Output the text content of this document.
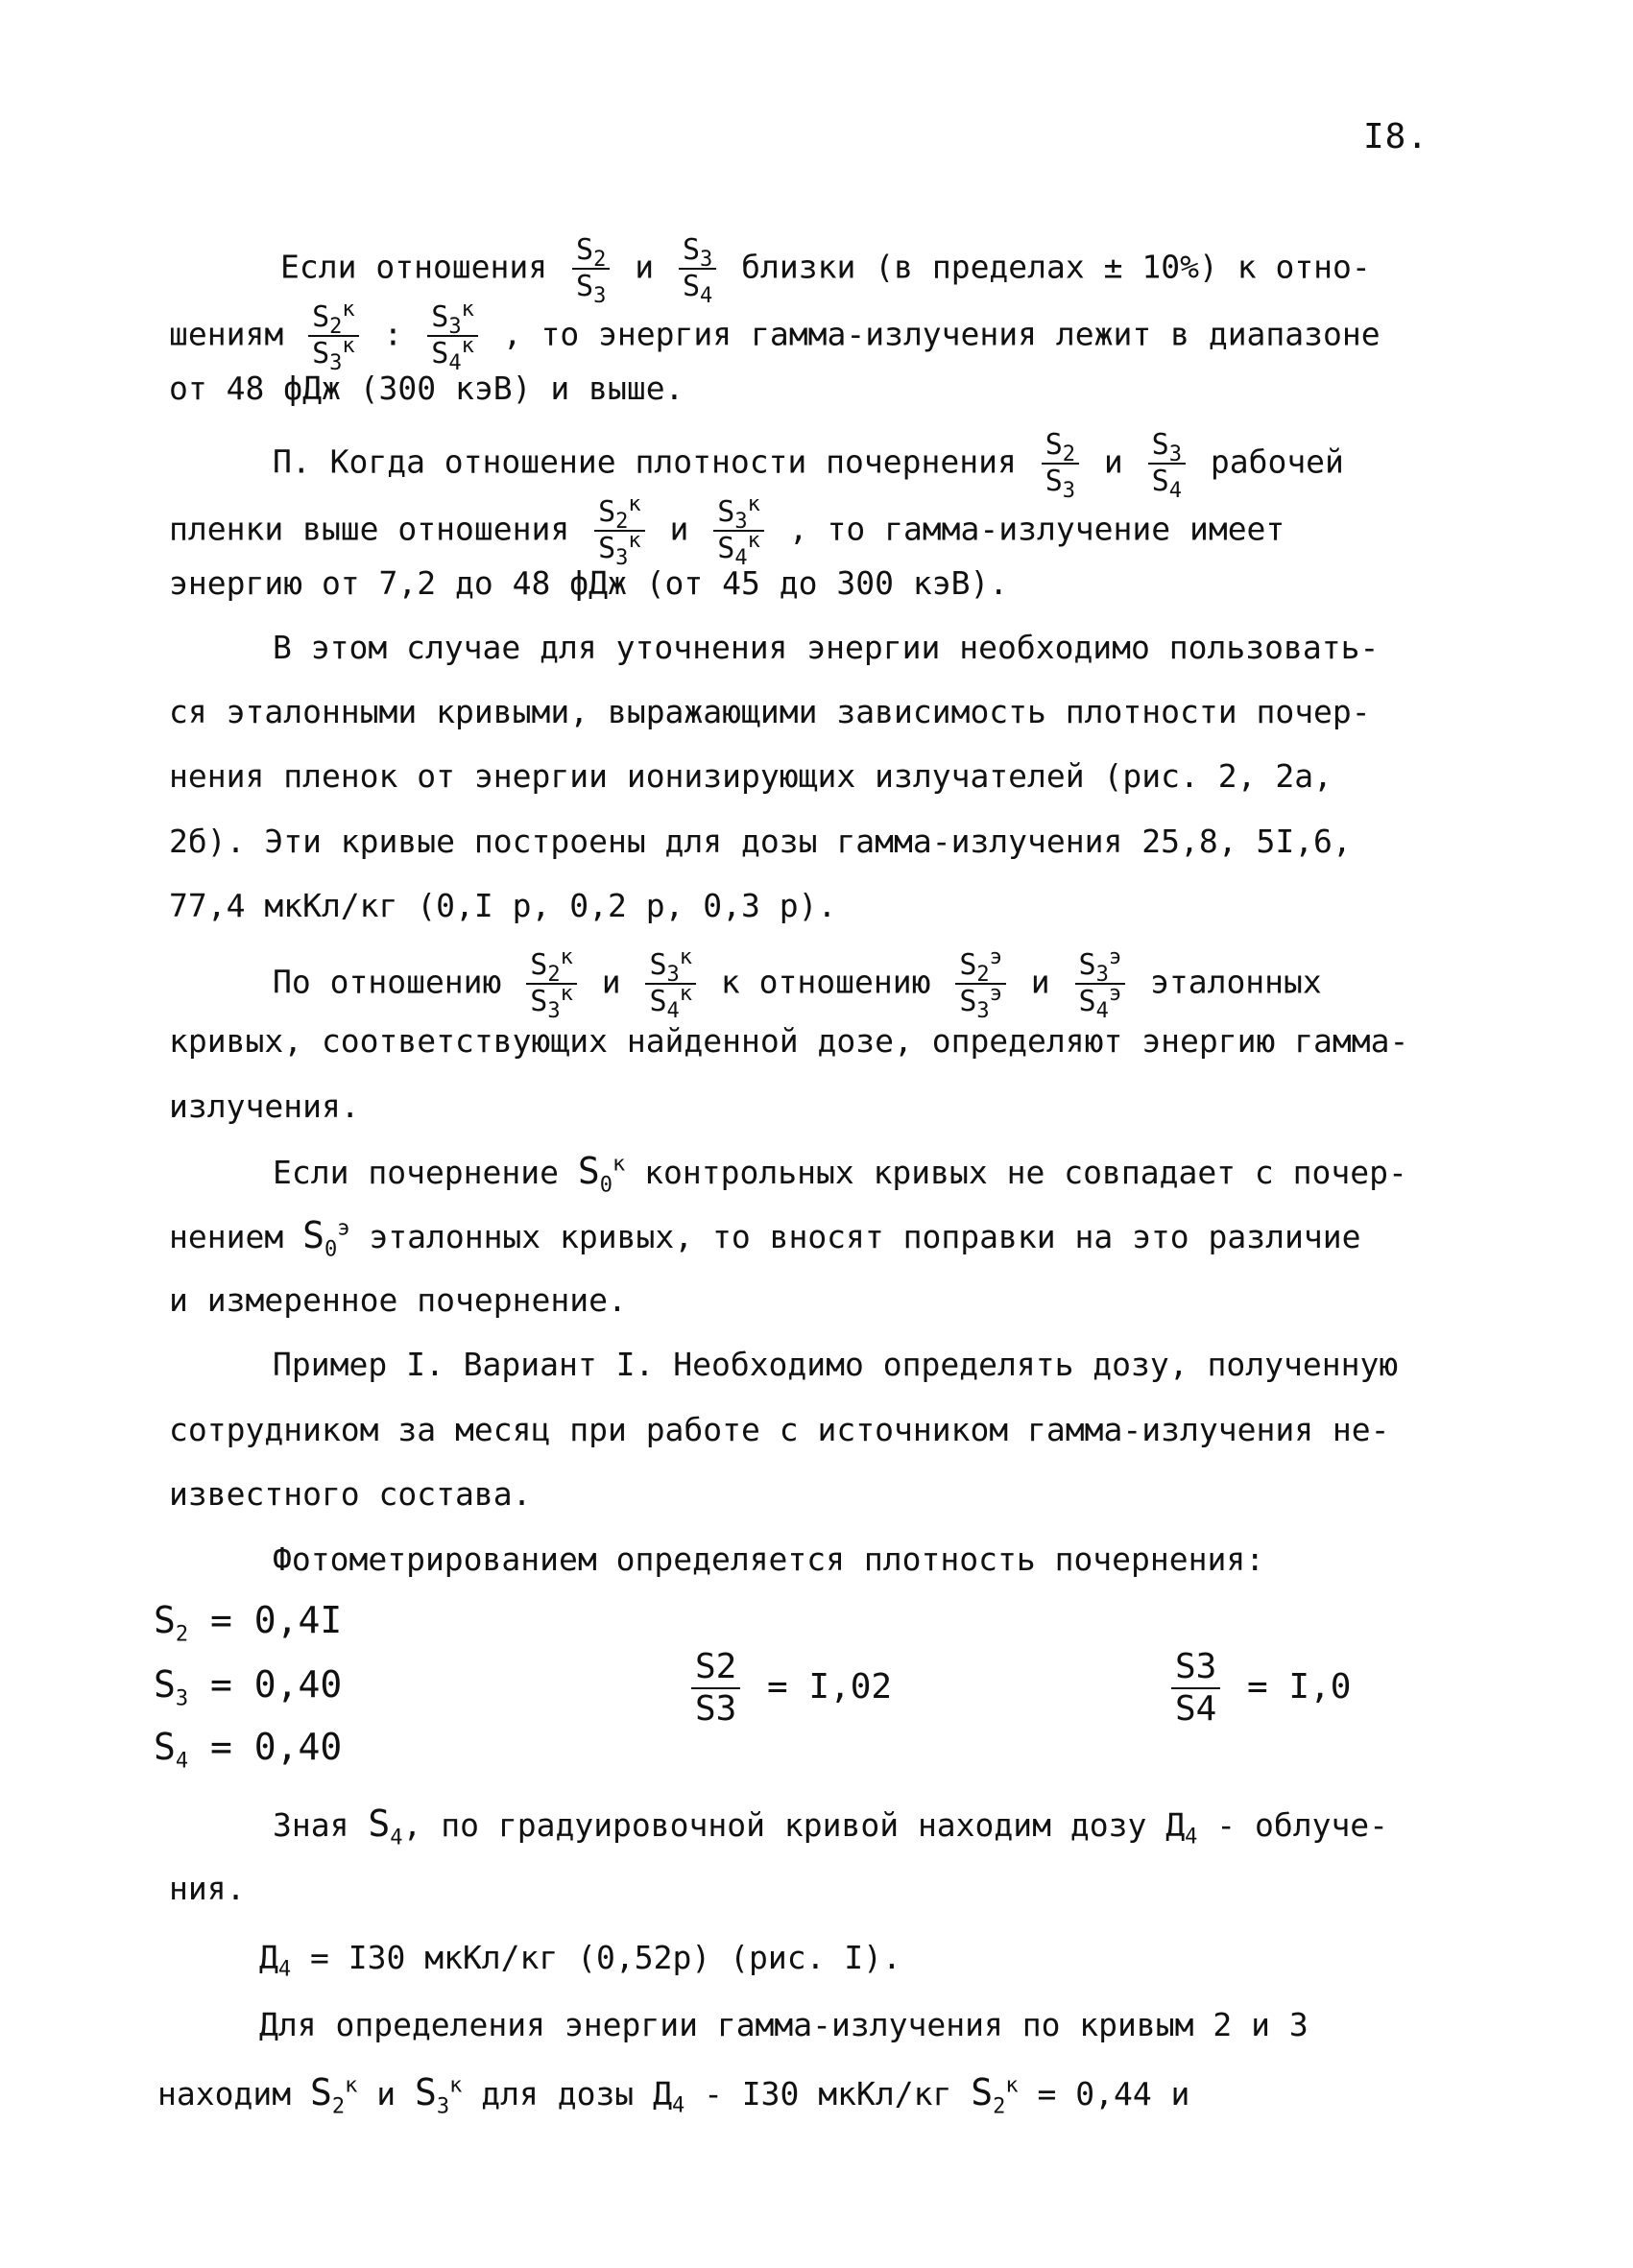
I8.
Если отношения $\frac{S_2}{S_3}$ и $\frac{S_3}{S_4}$ близки (в пределах ± 10%) к отно-
шениям $\frac{S_2^к}{S_3^к}$ : $\frac{S_3^к}{S_4^к}$ , то энергия гамма-излучения лежит в диапазоне
от 48 фДж (300 кэВ) и выше.
П. Когда отношение плотности почернения $\frac{S_2}{S_3}$ и $\frac{S_3}{S_4}$ рабочей
пленки выше отношения $\frac{S_2^к}{S_3^к}$ и $\frac{S_3^к}{S_4^к}$ , то гамма-излучение имеет
энергию от 7,2 до 48 фДж (от 45 до 300 кэВ).
В этом случае для уточнения энергии необходимо пользовать-
ся эталонными кривыми, выражающими зависимость плотности почер-
нения пленок от энергии ионизирующих излучателей (рис. 2, 2а,
2б). Эти кривые построены для дозы гамма-излучения 25,8, 5I,6,
77,4 мкКл/кг (0,I р, 0,2 р, 0,3 р).
По отношению $\frac{S_2^к}{S_3^к}$ и $\frac{S_3^к}{S_4^к}$ к отношению $\frac{S_2^э}{S_3^э}$ и $\frac{S_3^э}{S_4^э}$ эталонных
кривых, соответствующих найденной дозе, определяют энергию гамма-
излучения.
Если почернение $S_0^к$ контрольных кривых не совпадает с почер-
нением $S_0^э$ эталонных кривых, то вносят поправки на это различие
и измеренное почернение.
Пример I. Вариант I. Необходимо определять дозу, полученную
сотрудником за месяц при работе с источником гамма-излучения не-
известного состава.
Фотометрированием определяется плотность почернения:
$S_2 = 0,4I$
$S_3 = 0,40$
$S_4 = 0,40$
$\frac{S2}{S3} = I,02$	$\frac{S3}{S4} = I,0$
Зная $S_4$, по градуировочной кривой находим дозу $Д_4$ - облуче-
ния.
$Д_4 = I30$ мкКл/кг (0,52р) (рис. I).
Для определения энергии гамма-излучения по кривым 2 и 3
находим $S_2^к$ и $S_3^к$ для дозы $Д_4 - I30$ мкКл/кг $S_2^к = 0,44$ и
